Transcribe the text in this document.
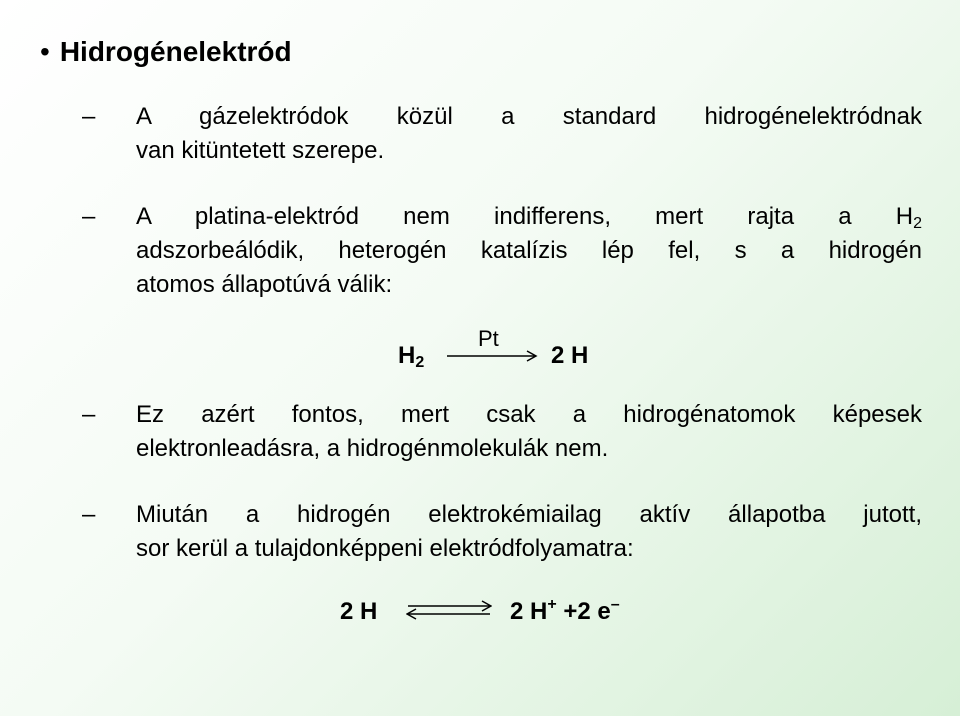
• Hidrogénelektród
–	A gázelektródok közül a standard hidrogénelektródnak
van kitüntetett szerepe.
–	A platina-elektród nem indifferens, mert rajta a $H_2$
adszorbeálódik, heterogén katalízis lép fel, s a hidrogén
atomos állapotúvá válik:
$H_2$
Pt
2 H
–	Ez azért fontos, mert csak a hidrogénatomok képesek
elektronleadásra, a hidrogénmolekulák nem.
–	Miután a hidrogén elektrokémiailag aktív állapotba jutott,
sor kerül a tulajdonképpeni elektródfolyamatra:
2 H	2 H+ +2 e–
